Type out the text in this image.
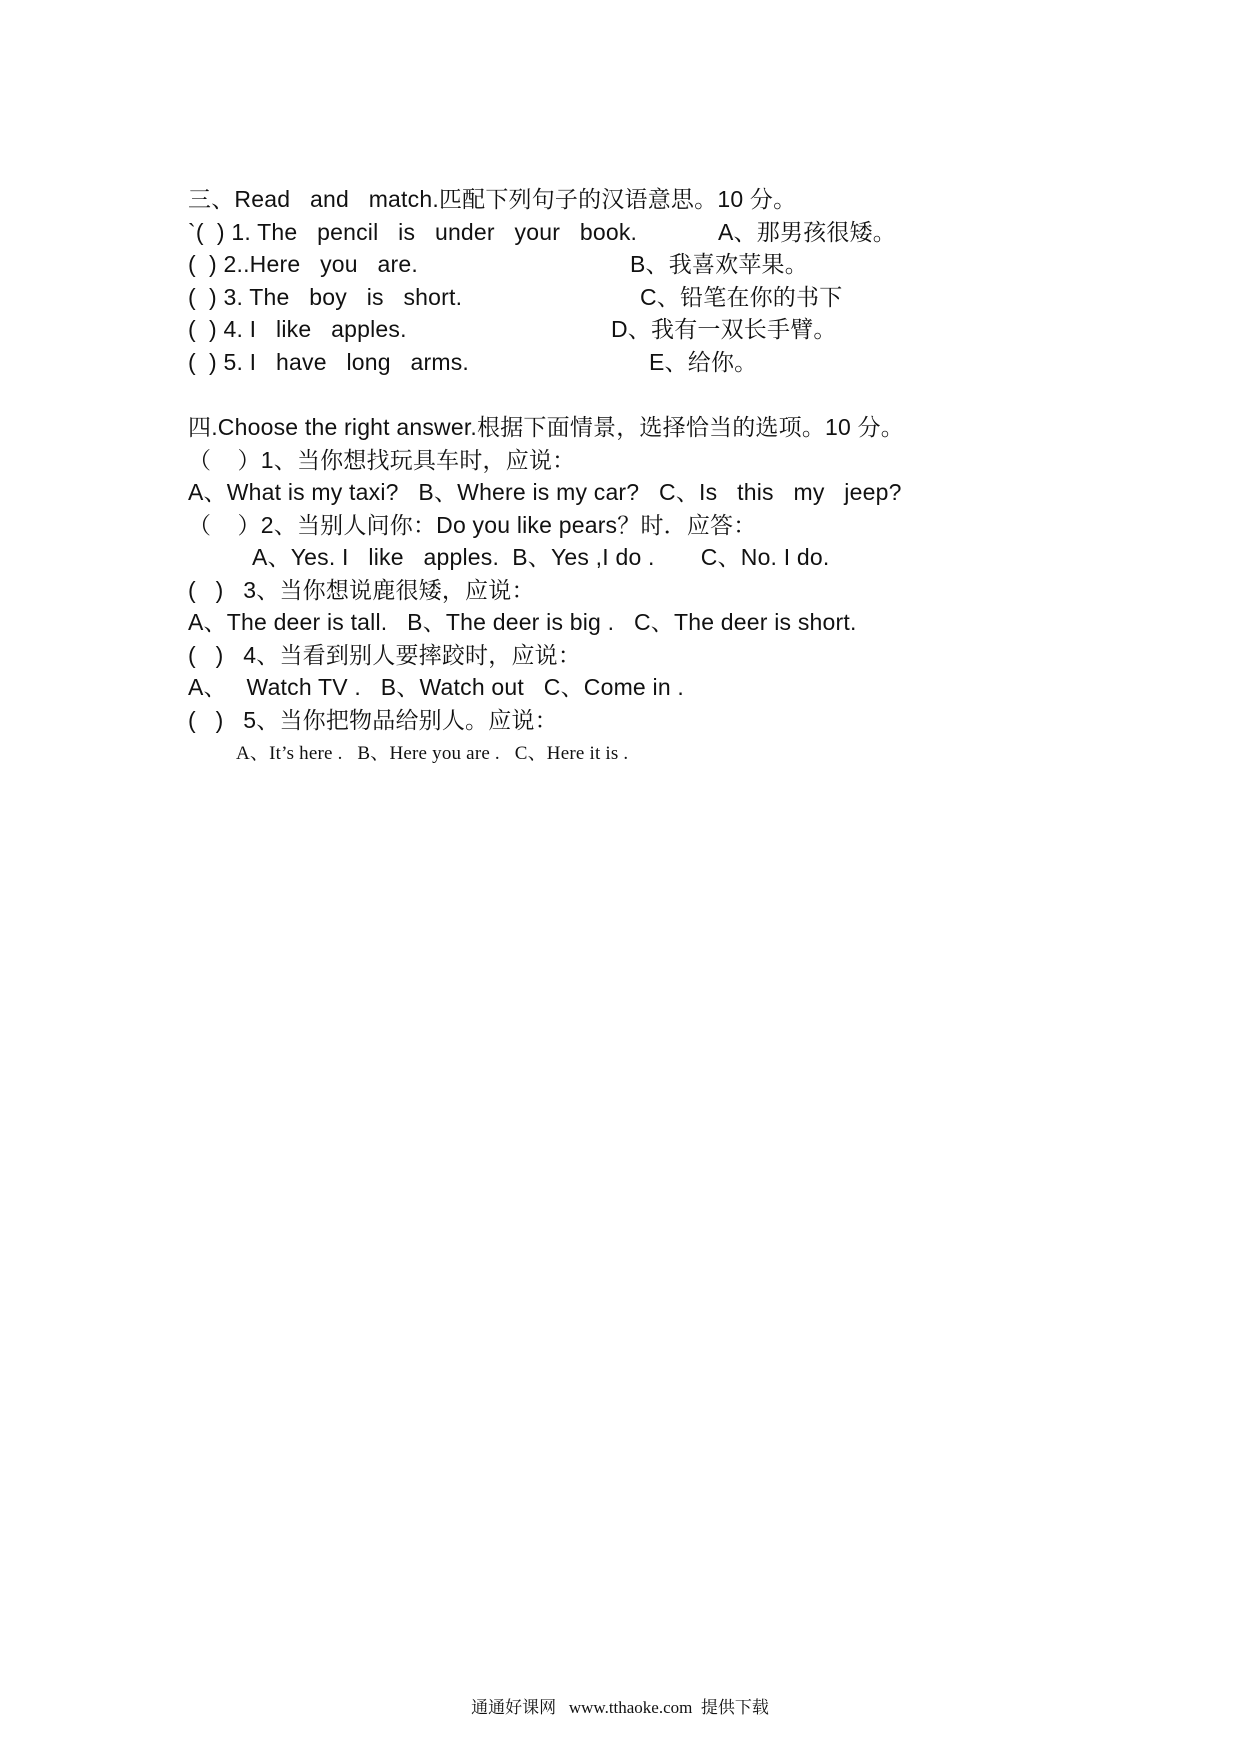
三、Read   and   match.匹配下列句子的汉语意思。10 分。
`(  ) 1. The   pencil   is   under   your   book.	A、那男孩很矮。
(  ) 2..Here   you   are.	B、我喜欢苹果。
(  ) 3. The   boy   is   short.	C、铅笔在你的书下
(  ) 4. I   like   apples.	D、我有一双长手臂。
(  ) 5. I   have   long   arms.	E、给你。
四.Choose the right answer.根据下面情景，选择恰当的选项。10 分。
（    ）1、当你想找玩具车时，应说：
A、What is my taxi?   B、Where is my car?   C、Is   this   my   jeep?
（    ）2、当别人问你：Do you like pears？时．应答：
A、Yes. I   like   apples.  B、Yes ,I do .       C、No. I do.
(   )   3、当你想说鹿很矮，应说：
A、The deer is tall.   B、The deer is big .   C、The deer is short.
(   )   4、当看到别人要摔跤时，应说：
A、   Watch TV .   B、Watch out   C、Come in .
(   )   5、当你把物品给别人。应说：
A、It’s here .   B、Here you are .   C、Here it is .
通通好课网   www.tthaoke.com  提供下载
